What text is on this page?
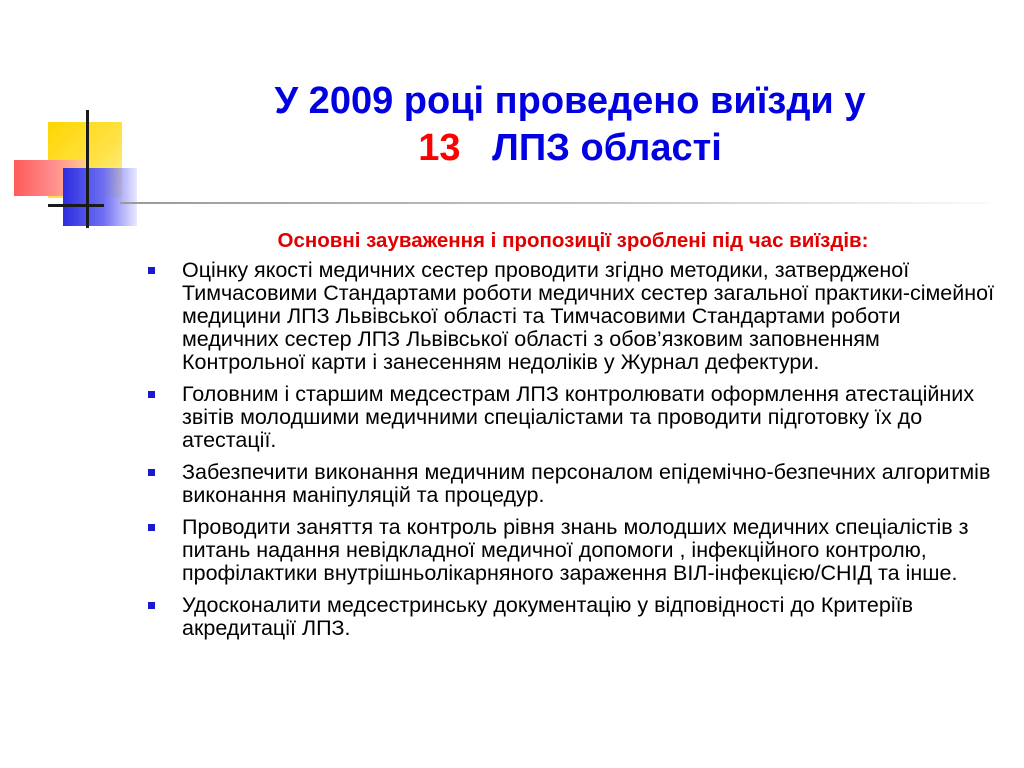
У 2009 році проведено виїзди у
13 ЛПЗ області
Основні зауваження і пропозиції зроблені під час виїздів:
Оцінку якості медичних сестер проводити згідно методики, затвердженої Тимчасовими Стандартами роботи медичних сестер загальної практики-сімейної медицини ЛПЗ Львівської області та Тимчасовими Стандартами роботи медичних сестер ЛПЗ Львівської області з обов’язковим заповненням Контрольної карти і занесенням недоліків у Журнал дефектури.
Головним і старшим медсестрам ЛПЗ контролювати оформлення атестаційних звітів молодшими медичними спеціалістами та проводити підготовку їх до атестації.
Забезпечити виконання медичним персоналом епідемічно-безпечних алгоритмів виконання маніпуляцій та процедур.
Проводити заняття та контроль рівня знань молодших медичних спеціалістів з питань надання невідкладної медичної допомоги , інфекційного контролю, профілактики внутрішньолікарняного зараження ВІЛ-інфекцією/СНІД та інше.
Удосконалити медсестринську документацію у відповідності до Критеріїв акредитації ЛПЗ.
